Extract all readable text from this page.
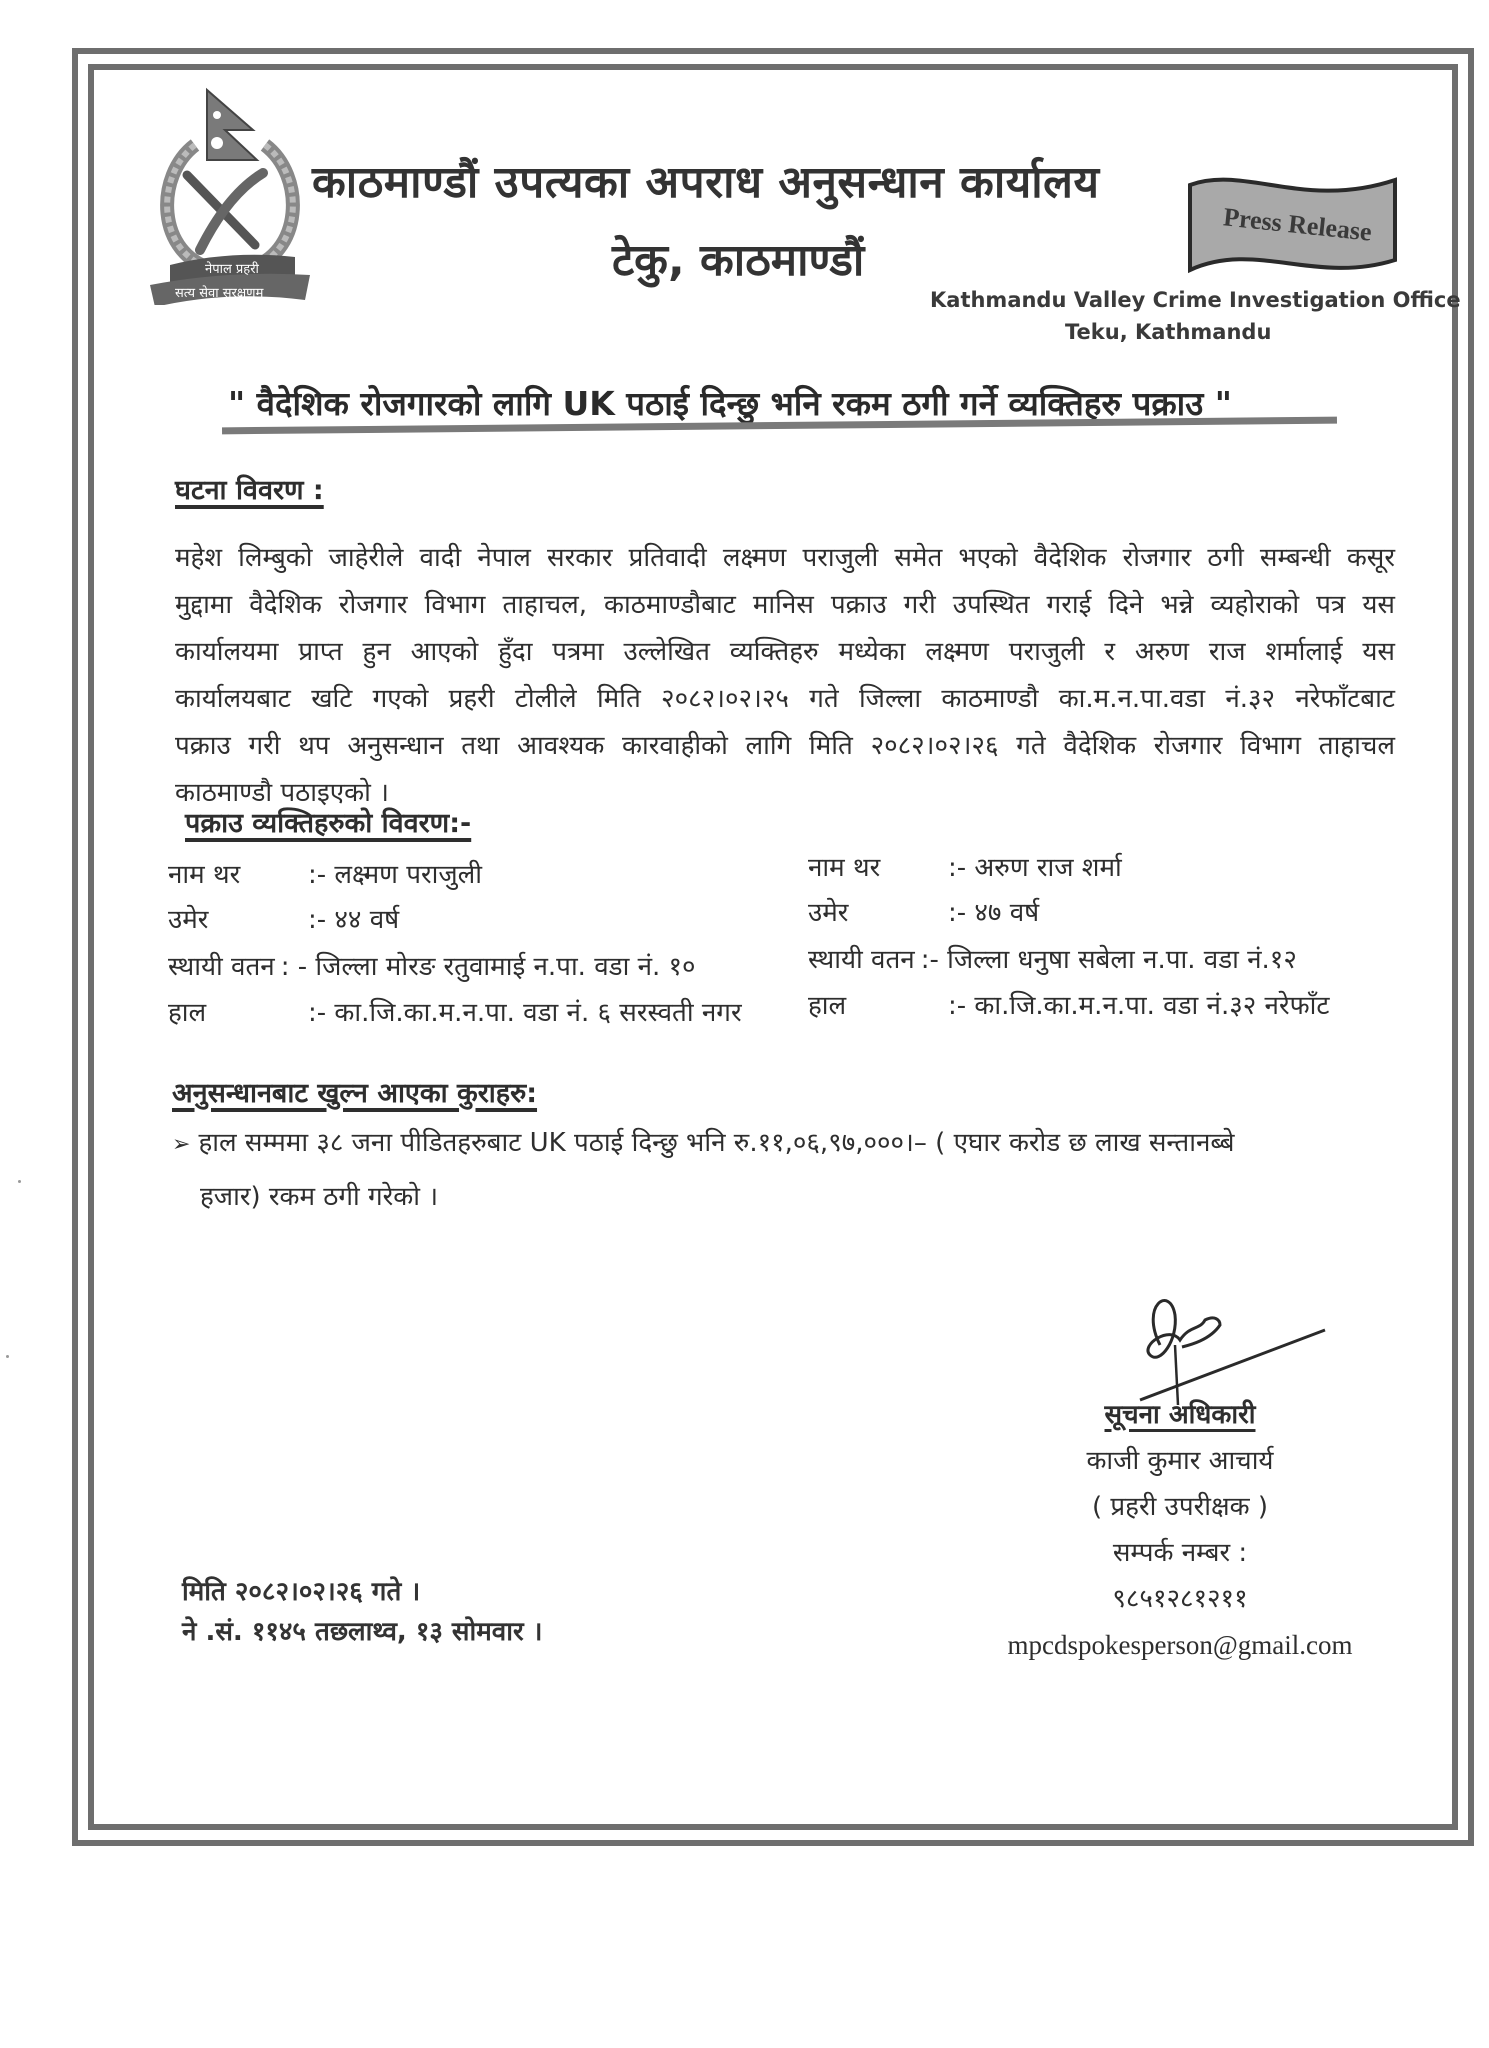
नेपाल प्रहरी
सत्य सेवा सुरक्षणम्
काठमाण्डौं उपत्यका अपराध अनुसन्धान कार्यालय
टेकु, काठमाण्डौं
Press Release
Kathmandu Valley Crime Investigation Office
Teku, Kathmandu
" वैदेशिक रोजगारको लागि UK पठाई दिन्छु भनि रकम ठगी गर्ने व्यक्तिहरु पक्राउ "
घटना विवरण :
महेश लिम्बुको जाहेरीले वादी नेपाल सरकार प्रतिवादी लक्ष्मण पराजुली समेत भएको वैदेशिक रोजगार ठगी सम्बन्धी कसूर
मुद्दामा वैदेशिक रोजगार विभाग ताहाचल, काठमाण्डौबाट मानिस पक्राउ गरी उपस्थित गराई दिने भन्ने व्यहोराको पत्र यस
कार्यालयमा प्राप्त हुन आएको हुँदा पत्रमा उल्लेखित व्यक्तिहरु मध्येका लक्ष्मण पराजुली र अरुण राज शर्मालाई यस
कार्यालयबाट खटि गएको प्रहरी टोलीले मिति २०८२।०२।२५ गते जिल्ला काठमाण्डौ का.म.न.पा.वडा नं.३२ नरेफाँटबाट
पक्राउ गरी थप अनुसन्धान तथा आवश्यक कारवाहीको लागि मिति २०८२।०२।२६ गते वैदेशिक रोजगार विभाग ताहाचल
काठमाण्डौ पठाइएको ।
पक्राउ व्यक्तिहरुको विवरण:-
नाम थर	:- लक्ष्मण पराजुली
उमेर	:- ४४ वर्ष
स्थायी वतन : - जिल्ला मोरङ रतुवामाई न.पा. वडा नं. १०
हाल	:- का.जि.का.म.न.पा. वडा नं. ६ सरस्वती नगर
नाम थर	:- अरुण राज शर्मा
उमेर	:- ४७ वर्ष
स्थायी वतन :- जिल्ला धनुषा सबेला न.पा. वडा नं.१२
हाल	:- का.जि.का.म.न.पा. वडा नं.३२ नरेफाँट
अनुसन्धानबाट खुल्न आएका कुराहरु:
➢ हाल सम्ममा ३८ जना पीडितहरुबाट UK पठाई दिन्छु भनि रु.११,०६,९७,०००।– ( एघार करोड छ लाख सन्तानब्बे
हजार) रकम ठगी गरेको ।
सूचना अधिकारी
काजी कुमार आचार्य
( प्रहरी उपरीक्षक )
सम्पर्क नम्बर :
९८५१२८१२११
mpcdspokesperson@gmail.com
मिति २०८२।०२।२६ गते ।
ने .सं. ११४५ तछलाथ्व, १३ सोमवार ।
